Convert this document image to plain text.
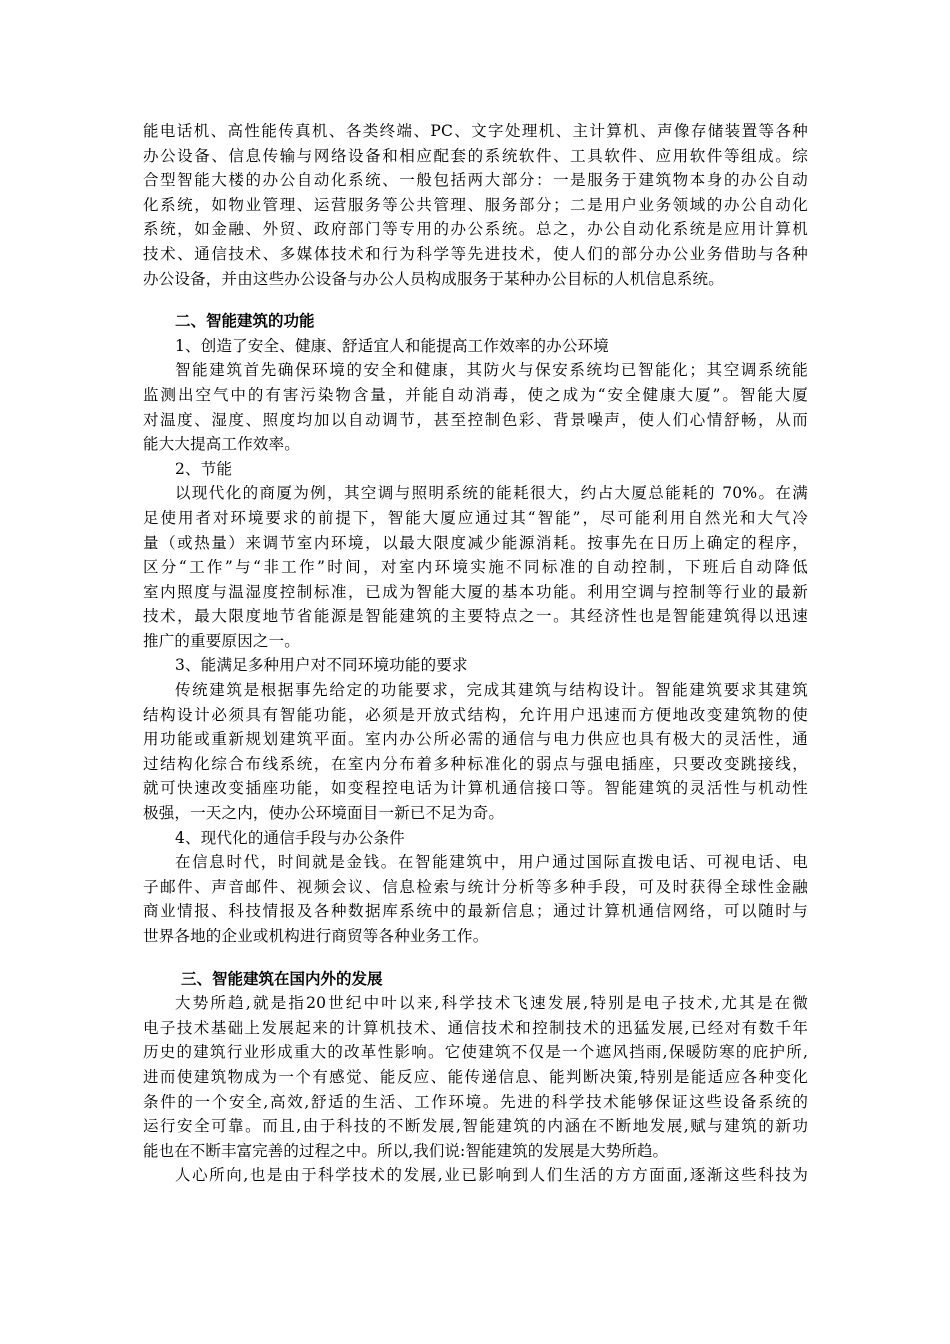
能电话机、高性能传真机、各类终端、PC、文字处理机、主计算机、声像存储装置等各种
办公设备、信息传输与网络设备和相应配套的系统软件、工具软件、应用软件等组成。综
合型智能大楼的办公自动化系统、一般包括两大部分：一是服务于建筑物本身的办公自动
化系统，如物业管理、运营服务等公共管理、服务部分；二是用户业务领域的办公自动化
系统，如金融、外贸、政府部门等专用的办公系统。总之，办公自动化系统是应用计算机
技术、通信技术、多媒体技术和行为科学等先进技术，使人们的部分办公业务借助与各种
办公设备，并由这些办公设备与办公人员构成服务于某种办公目标的人机信息系统。
二、智能建筑的功能
1、创造了安全、健康、舒适宜人和能提高工作效率的办公环境
智能建筑首先确保环境的安全和健康，其防火与保安系统均已智能化；其空调系统能
监测出空气中的有害污染物含量，并能自动消毒，使之成为“安全健康大厦”。智能大厦
对温度、湿度、照度均加以自动调节，甚至控制色彩、背景噪声，使人们心情舒畅，从而
能大大提高工作效率。
2、节能
以现代化的商厦为例，其空调与照明系统的能耗很大，约占大厦总能耗的 70%。在满
足使用者对环境要求的前提下，智能大厦应通过其“智能”，尽可能利用自然光和大气冷
量（或热量）来调节室内环境，以最大限度减少能源消耗。按事先在日历上确定的程序，
区分“工作”与“非工作”时间，对室内环境实施不同标准的自动控制，下班后自动降低
室内照度与温湿度控制标准，已成为智能大厦的基本功能。利用空调与控制等行业的最新
技术，最大限度地节省能源是智能建筑的主要特点之一。其经济性也是智能建筑得以迅速
推广的重要原因之一。
3、能满足多种用户对不同环境功能的要求
传统建筑是根据事先给定的功能要求，完成其建筑与结构设计。智能建筑要求其建筑
结构设计必须具有智能功能，必须是开放式结构，允许用户迅速而方便地改变建筑物的使
用功能或重新规划建筑平面。室内办公所必需的通信与电力供应也具有极大的灵活性，通
过结构化综合布线系统，在室内分布着多种标准化的弱点与强电插座，只要改变跳接线，
就可快速改变插座功能，如变程控电话为计算机通信接口等。智能建筑的灵活性与机动性
极强，一天之内，使办公环境面目一新已不足为奇。
4、现代化的通信手段与办公条件
在信息时代，时间就是金钱。在智能建筑中，用户通过国际直拨电话、可视电话、电
子邮件、声音邮件、视频会议、信息检索与统计分析等多种手段，可及时获得全球性金融
商业情报、科技情报及各种数据库系统中的最新信息；通过计算机通信网络，可以随时与
世界各地的企业或机构进行商贸等各种业务工作。
三、智能建筑在国内外的发展
大势所趋,就是指20世纪中叶以来,科学技术飞速发展,特别是电子技术,尤其是在微
电子技术基础上发展起来的计算机技术、通信技术和控制技术的迅猛发展,已经对有数千年
历史的建筑行业形成重大的改革性影响。它使建筑不仅是一个遮风挡雨,保暖防寒的庇护所,
进而使建筑物成为一个有感觉、能反应、能传递信息、能判断决策,特别是能适应各种变化
条件的一个安全,高效,舒适的生活、工作环境。先进的科学技术能够保证这些设备系统的
运行安全可靠。而且,由于科技的不断发展,智能建筑的内涵在不断地发展,赋与建筑的新功
能也在不断丰富完善的过程之中。所以,我们说:智能建筑的发展是大势所趋。
人心所向,也是由于科学技术的发展,业已影响到人们生活的方方面面,逐渐这些科技为
